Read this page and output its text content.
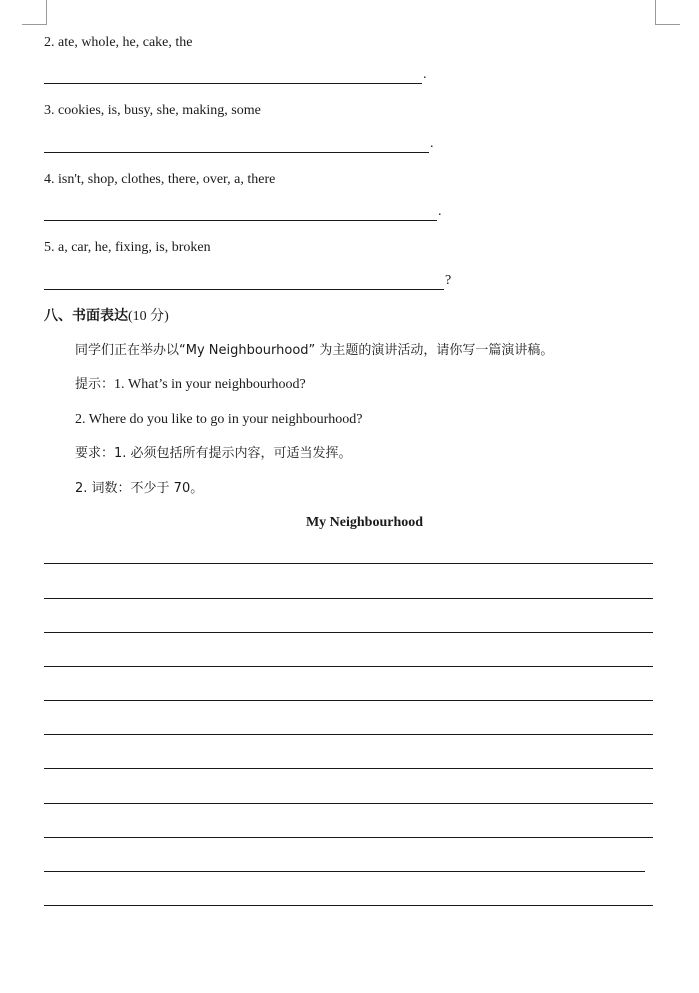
2. ate, whole, he, cake, the
.
3. cookies, is, busy, she, making, some
.
4. isn't, shop, clothes, there, over, a, there
.
5. a, car, he, fixing, is, broken
?
八、书面表达(10 分)
同学们正在举办以“My Neighbourhood” 为主题的演讲活动，请你写一篇演讲稿。
提示：1. What’s in your neighbourhood?
2. Where do you like to go in your neighbourhood?
要求：1. 必须包括所有提示内容，可适当发挥。
2. 词数：不少于 70。
My Neighbourhood
